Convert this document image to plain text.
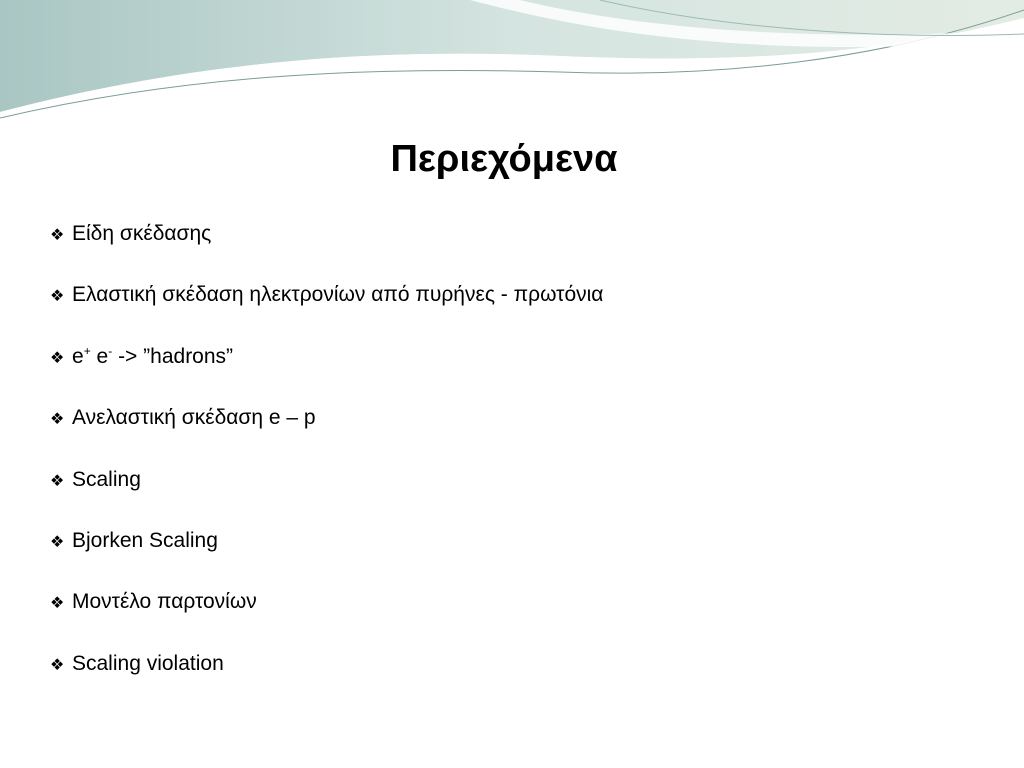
Περιεχόμενα
❖ Είδη σκέδασης
❖ Ελαστική σκέδαση ηλεκτρονίων από πυρήνες - πρωτόνια
❖ e+ e- -> ”hadrons”
❖ Ανελαστική σκέδαση e – p
❖ Scaling
❖ Bjorken Scaling
❖ Μοντέλο παρτονίων
❖ Scaling violation
